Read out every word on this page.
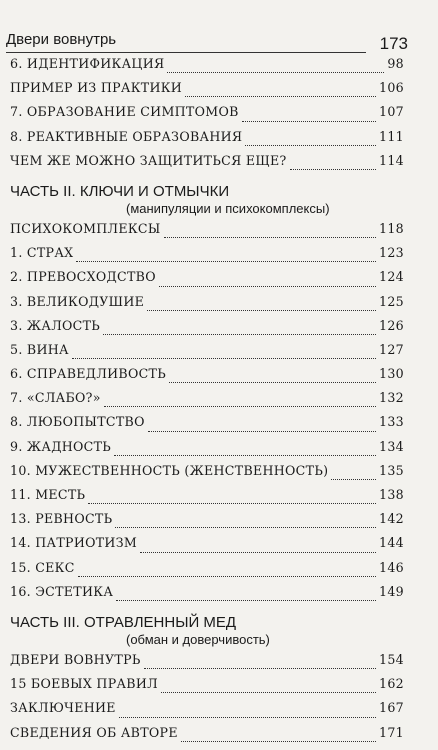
Двери вовнутрь	173
6. ИДЕНТИФИКАЦИЯ	98
ПРИМЕР ИЗ ПРАКТИКИ	106
7. ОБРАЗОВАНИЕ СИМПТОМОВ	107
8. РЕАКТИВНЫЕ ОБРАЗОВАНИЯ	111
ЧЕМ ЖЕ МОЖНО ЗАЩИТИТЬСЯ ЕЩЕ?	114
ЧАСТЬ II. КЛЮЧИ И ОТМЫЧКИ
(манипуляции и психокомплексы)
ПСИХОКОМПЛЕКСЫ	118
1. СТРАХ	123
2. ПРЕВОСХОДСТВО	124
3. ВЕЛИКОДУШИЕ	125
3. ЖАЛОСТЬ	126
5. ВИНА	127
6. СПРАВЕДЛИВОСТЬ	130
7. «СЛАБО?»	132
8. ЛЮБОПЫТСТВО	133
9. ЖАДНОСТЬ	134
10. МУЖЕСТВЕННОСТЬ (ЖЕНСТВЕННОСТЬ)	135
11. МЕСТЬ	138
13. РЕВНОСТЬ	142
14. ПАТРИОТИЗМ	144
15. СЕКС	146
16. ЭСТЕТИКА	149
ЧАСТЬ III. ОТРАВЛЕННЫЙ МЕД
(обман и доверчивость)
ДВЕРИ ВОВНУТРЬ	154
15 БОЕВЫХ ПРАВИЛ	162
ЗАКЛЮЧЕНИЕ	167
СВЕДЕНИЯ ОБ АВТОРЕ	171
